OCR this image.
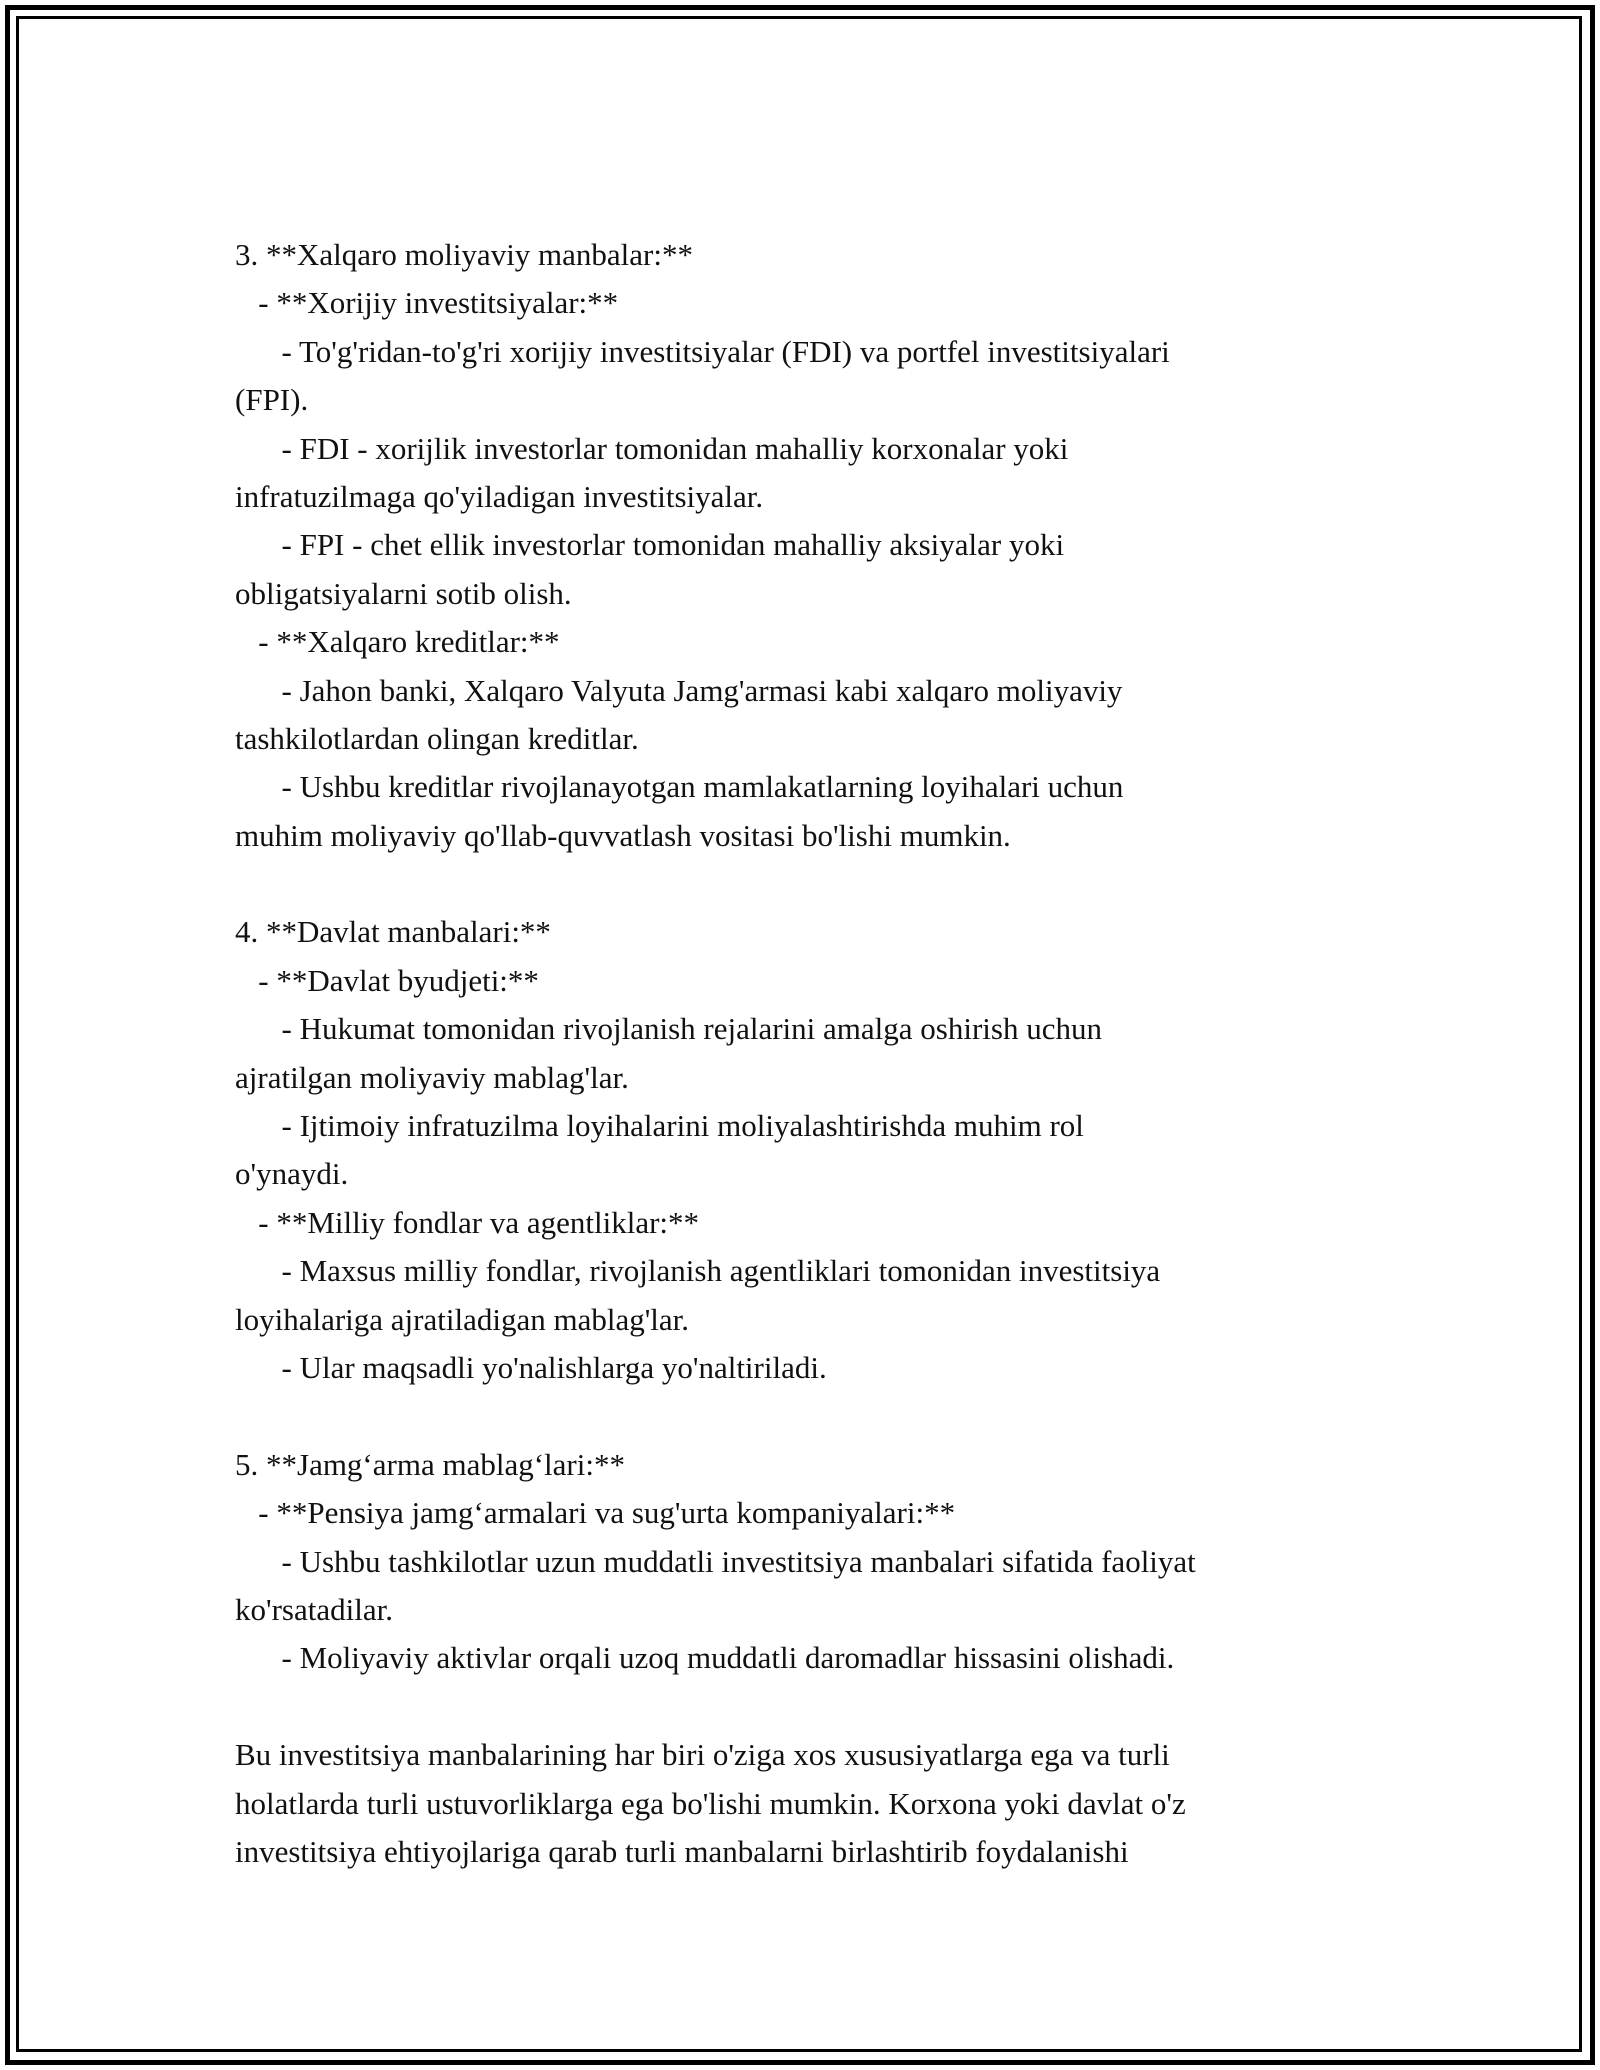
3. **Xalqaro moliyaviy manbalar:**
- **Xorijiy investitsiyalar:**
- To'g'ridan-to'g'ri xorijiy investitsiyalar (FDI) va portfel investitsiyalari
(FPI).
- FDI - xorijlik investorlar tomonidan mahalliy korxonalar yoki
infratuzilmaga qo'yiladigan investitsiyalar.
- FPI - chet ellik investorlar tomonidan mahalliy aksiyalar yoki
obligatsiyalarni sotib olish.
- **Xalqaro kreditlar:**
- Jahon banki, Xalqaro Valyuta Jamg'armasi kabi xalqaro moliyaviy
tashkilotlardan olingan kreditlar.
- Ushbu kreditlar rivojlanayotgan mamlakatlarning loyihalari uchun
muhim moliyaviy qo'llab-quvvatlash vositasi bo'lishi mumkin.
4. **Davlat manbalari:**
- **Davlat byudjeti:**
- Hukumat tomonidan rivojlanish rejalarini amalga oshirish uchun
ajratilgan moliyaviy mablag'lar.
- Ijtimoiy infratuzilma loyihalarini moliyalashtirishda muhim rol
o'ynaydi.
- **Milliy fondlar va agentliklar:**
- Maxsus milliy fondlar, rivojlanish agentliklari tomonidan investitsiya
loyihalariga ajratiladigan mablag'lar.
- Ular maqsadli yo'nalishlarga yo'naltiriladi.
5. **Jamg‘arma mablag‘lari:**
- **Pensiya jamg‘armalari va sug'urta kompaniyalari:**
- Ushbu tashkilotlar uzun muddatli investitsiya manbalari sifatida faoliyat
ko'rsatadilar.
- Moliyaviy aktivlar orqali uzoq muddatli daromadlar hissasini olishadi.
Bu investitsiya manbalarining har biri o'ziga xos xususiyatlarga ega va turli
holatlarda turli ustuvorliklarga ega bo'lishi mumkin. Korxona yoki davlat o'z
investitsiya ehtiyojlariga qarab turli manbalarni birlashtirib foydalanishi
